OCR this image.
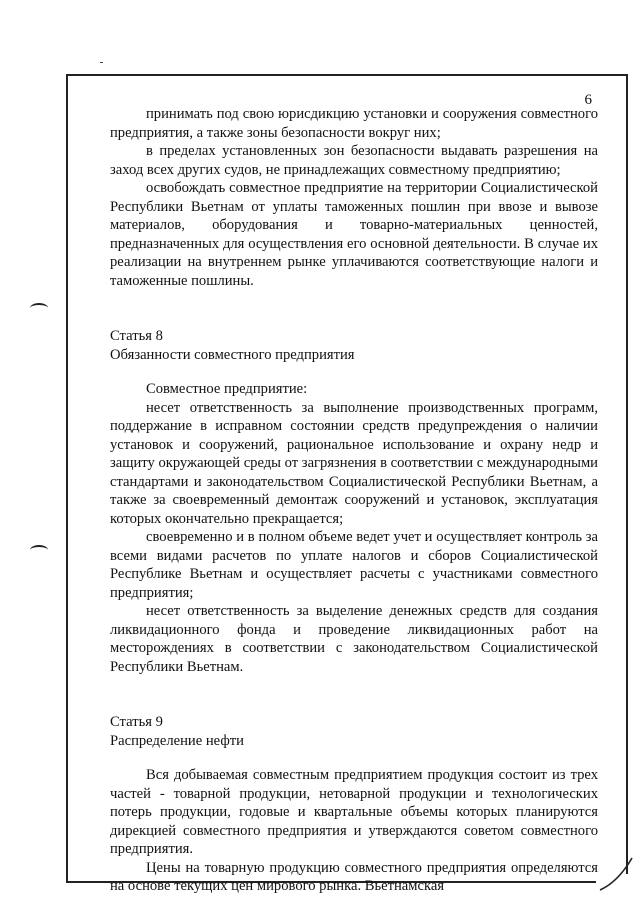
6

принимать под свою юрисдикцию установки и сооружения совместного предприятия, а также зоны безопасности вокруг них;

в пределах установленных зон безопасности выдавать разрешения на заход всех других судов, не принадлежащих совместному предприятию;

освобождать совместное предприятие на территории Социалистической Республики Вьетнам от уплаты таможенных пошлин при ввозе и вывозе материалов, оборудования и товарно-материальных ценностей, предназначенных для осуществления его основной деятельности. В случае их реализации на внутреннем рынке уплачиваются соответствующие налоги и таможенные пошлины.

Статья 8

Обязанности совместного предприятия

Совместное предприятие:

несет ответственность за выполнение производственных программ, поддержание в исправном состоянии средств предупреждения о наличии установок и сооружений, рациональное использование и охрану недр и защиту окружающей среды от загрязнения в соответствии с международными стандартами и законодательством Социалистической Республики Вьетнам, а также за своевременный демонтаж сооружений и установок, эксплуатация которых окончательно прекращается;

своевременно и в полном объеме ведет учет и осуществляет контроль за всеми видами расчетов по уплате налогов и сборов Социалистической Республике Вьетнам и осуществляет расчеты с участниками совместного предприятия;

несет ответственность за выделение денежных средств для создания ликвидационного фонда и проведение ликвидационных работ на месторождениях в соответствии с законодательством Социалистической Республики Вьетнам.

Статья 9

Распределение нефти

Вся добываемая совместным предприятием продукция состоит из трех частей - товарной продукции, нетоварной продукции и технологических потерь продукции, годовые и квартальные объемы которых планируются дирекцией совместного предприятия и утверждаются советом совместного предприятия.

Цены на товарную продукцию совместного предприятия определяются на основе текущих цен мирового рынка. Вьетнамская
